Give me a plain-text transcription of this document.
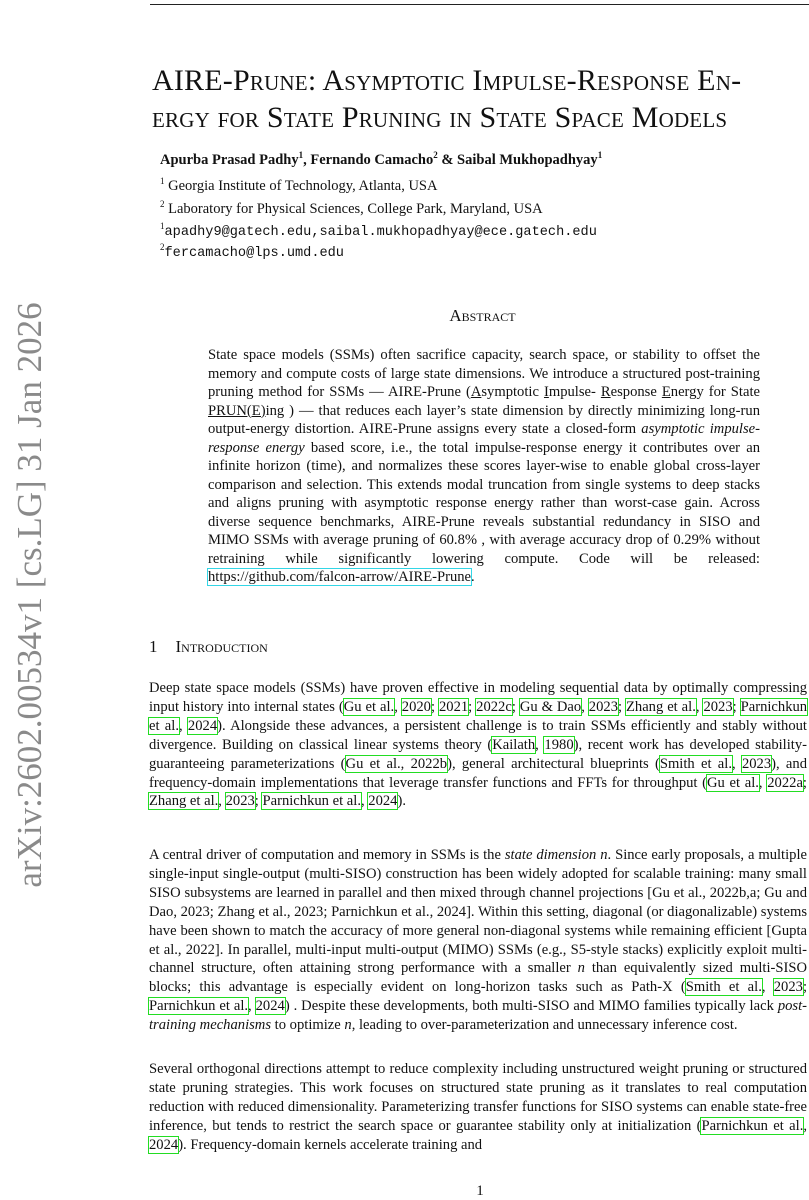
arXiv:2602.00534v1 [cs.LG] 31 Jan 2026
AIRE-Prune: Asymptotic Impulse-Response En-
ergy for State Pruning in State Space Models
Apurba Prasad Padhy$^1$, Fernando Camacho$^2$ & Saibal Mukhopadhyay$^1$
$^1$ Georgia Institute of Technology, Atlanta, USA
$^2$ Laboratory for Physical Sciences, College Park, Maryland, USA
$^1$apadhy9@gatech.edu,saibal.mukhopadhyay@ece.gatech.edu
$^2$fercamacho@lps.umd.edu
Abstract
State space models (SSMs) often sacrifice capacity, search space, or stability to offset the memory and compute costs of large state dimensions. We introduce a structured post-training pruning method for SSMs — AIRE-Prune (Asymptotic Impulse- Response Energy for State PRUN(E)ing ) — that reduces each layer’s state dimension by directly minimizing long-run output-energy distortion. AIRE-Prune assigns every state a closed-form asymptotic impulse-response energy based score, i.e., the total impulse-response energy it contributes over an infinite horizon (time), and normalizes these scores layer-wise to enable global cross-layer comparison and selection. This extends modal truncation from single systems to deep stacks and aligns pruning with asymptotic response energy rather than worst-case gain. Across diverse sequence benchmarks, AIRE-Prune reveals substantial redundancy in SISO and MIMO SSMs with average pruning of 60.8% , with average accuracy drop of 0.29% without retraining while significantly lowering compute. Code will be released: https://github.com/falcon-arrow/AIRE-Prune.
1 Introduction

Deep state space models (SSMs) have proven effective in modeling sequential data by optimally compressing input history into internal states (Gu et al., 2020; 2021; 2022c; Gu & Dao, 2023; Zhang et al., 2023; Parnichkun et al., 2024). Alongside these advances, a persistent challenge is to train SSMs efficiently and stably without divergence. Building on classical linear systems theory (Kailath, 1980), recent work has developed stability-guaranteeing parameterizations (Gu et al., 2022b), general architectural blueprints (Smith et al., 2023), and frequency-domain implementations that leverage transfer functions and FFTs for throughput (Gu et al., 2022a; Zhang et al., 2023; Parnichkun et al., 2024).

A central driver of computation and memory in SSMs is the state dimension n. Since early proposals, a multiple single-input single-output (multi-SISO) construction has been widely adopted for scalable training: many small SISO subsystems are learned in parallel and then mixed through channel projections [Gu et al., 2022b,a; Gu and Dao, 2023; Zhang et al., 2023; Parnichkun et al., 2024]. Within this setting, diagonal (or diagonalizable) systems have been shown to match the accuracy of more general non-diagonal systems while remaining efficient [Gupta et al., 2022]. In parallel, multi-input multi-output (MIMO) SSMs (e.g., S5-style stacks) explicitly exploit multi-channel structure, often attaining strong performance with a smaller n than equivalently sized multi-SISO blocks; this advantage is especially evident on long-horizon tasks such as Path-X (Smith et al., 2023; Parnichkun et al., 2024) . Despite these developments, both multi-SISO and MIMO families typically lack post-training mechanisms to optimize n, leading to over-parameterization and unnecessary inference cost.

Several orthogonal directions attempt to reduce complexity including unstructured weight pruning or structured state pruning strategies. This work focuses on structured state pruning as it translates to real computation reduction with reduced dimensionality. Parameterizing transfer functions for SISO systems can enable state-free inference, but tends to restrict the search space or guarantee stability only at initialization (Parnichkun et al., 2024). Frequency-domain kernels accelerate training and

1
